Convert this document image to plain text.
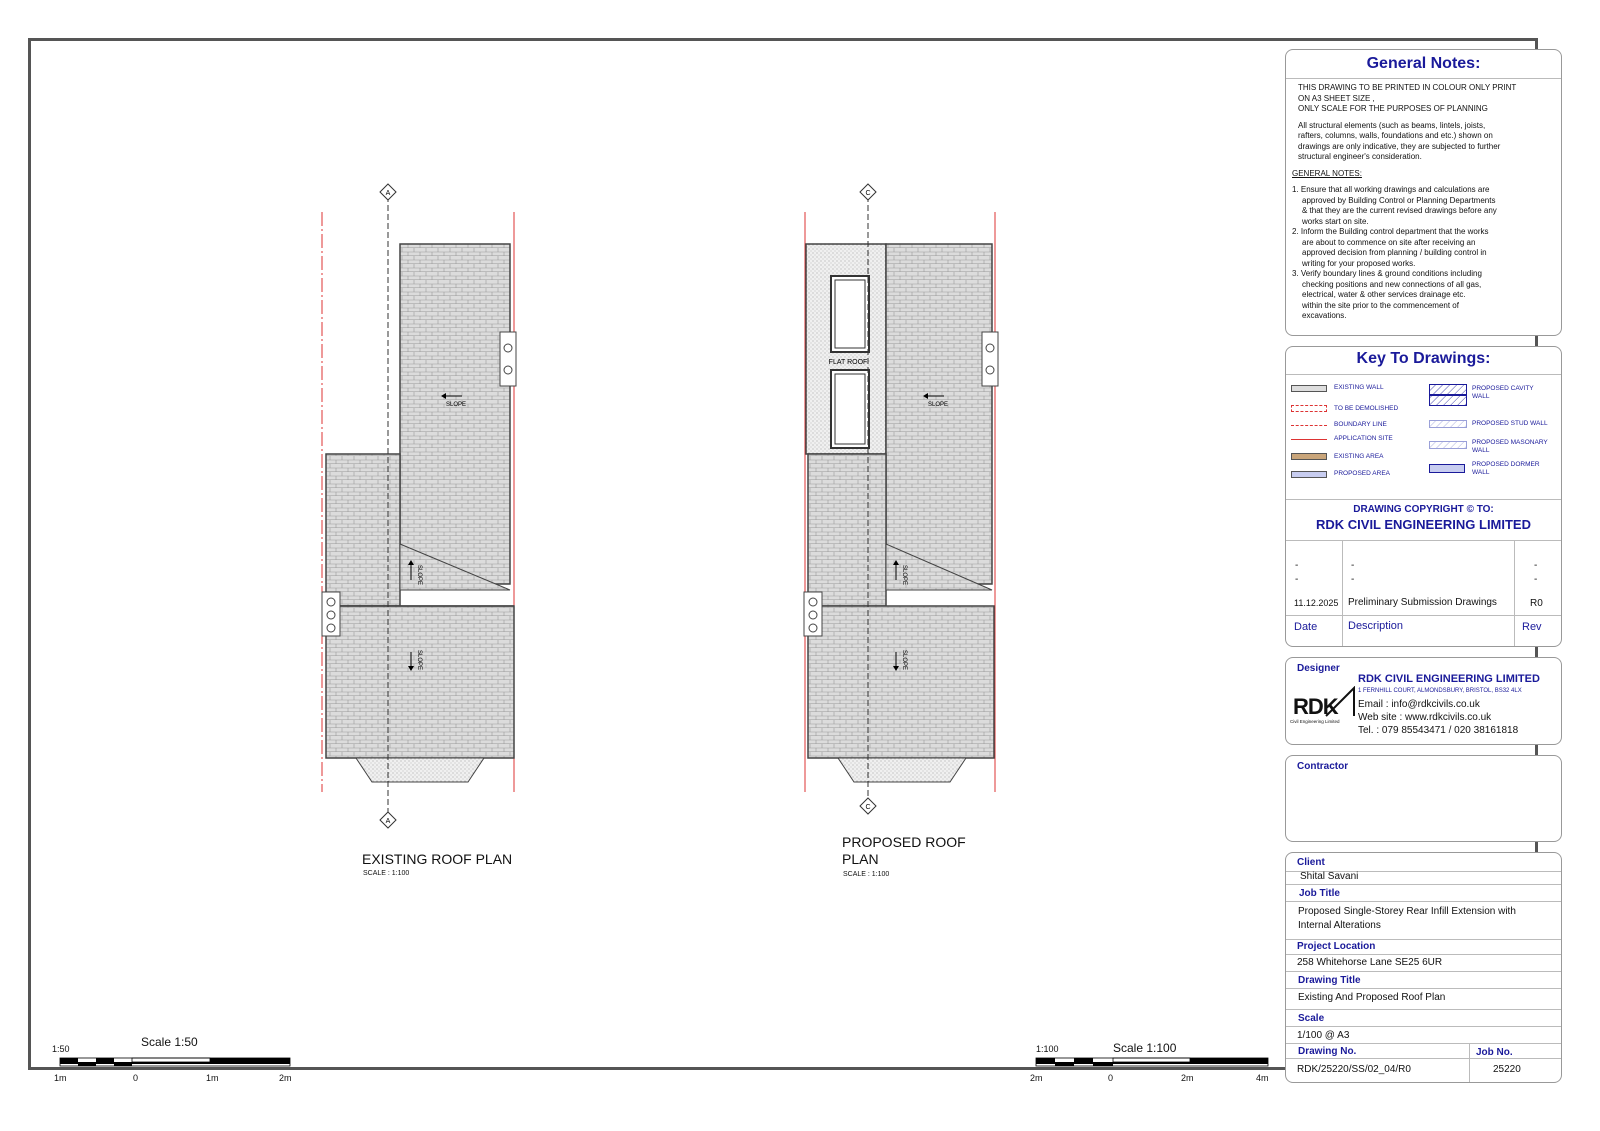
A
A
SLOPE
SLOPE
SLOPE
FLAT ROOF
C
C
SLOPE
SLOPE
SLOPE
EXISTING ROOF PLAN
SCALE : 1:100
PROPOSED ROOF
PLAN
SCALE : 1:100
1:50	Scale 1:50
1m	0	1m	2m
1:100	Scale 1:100
2m	0	2m	4m
General Notes:
THIS DRAWING TO BE PRINTED IN COLOUR ONLY PRINT
ON A3 SHEET SIZE ,
ONLY SCALE FOR THE PURPOSES OF PLANNING
All structural elements (such as beams, lintels, joists,
rafters, columns, walls, foundations and etc.) shown on
drawings are only indicative, they are subjected to further
structural engineer's consideration.
GENERAL NOTES:
1. Ensure that all working drawings and calculations are
approved by Building Control or Planning Departments
& that they are the current revised drawings before any
works start on site.
2. Inform the Building control department that the works
are about to commence on site after receiving an
approved decision from planning / building control in
writing for your proposed works.
3. Verify boundary lines & ground conditions including
checking positions and new connections of all gas,
electrical, water & other services drainage etc.
within the site prior to the commencement of
excavations.
Key To Drawings:
EXISTING WALL
TO BE DEMOLISHED
BOUNDARY LINE
APPLICATION SITE
EXISTING AREA
PROPOSED AREA
PROPOSED CAVITY WALL
PROPOSED STUD WALL
PROPOSED MASONARY WALL
PROPOSED DORMER WALL
DRAWING COPYRIGHT © TO:
RDK CIVIL ENGINEERING LIMITED
-
-
-
-
-
-
11.12.2025 Preliminary Submission Drawings	R0
Date	Description	Rev
Designer
RDK
Civil Engineering Limited
RDK CIVIL ENGINEERING LIMITED
1 FERNHILL COURT, ALMONDSBURY, BRISTOL, BS32 4LX
Email : info@rdkcivils.co.uk
Web site : www.rdkcivils.co.uk
Tel. : 079 85543471 / 020 38161818
Contractor
Client
Shital Savani
Job Title
Proposed Single-Storey Rear Infill Extension with
Internal Alterations
Project Location
258 Whitehorse Lane SE25 6UR
Drawing Title
Existing And Proposed Roof Plan
Scale
1/100 @ A3
Drawing No.	Job No.
RDK/25220/SS/02_04/R0	25220
